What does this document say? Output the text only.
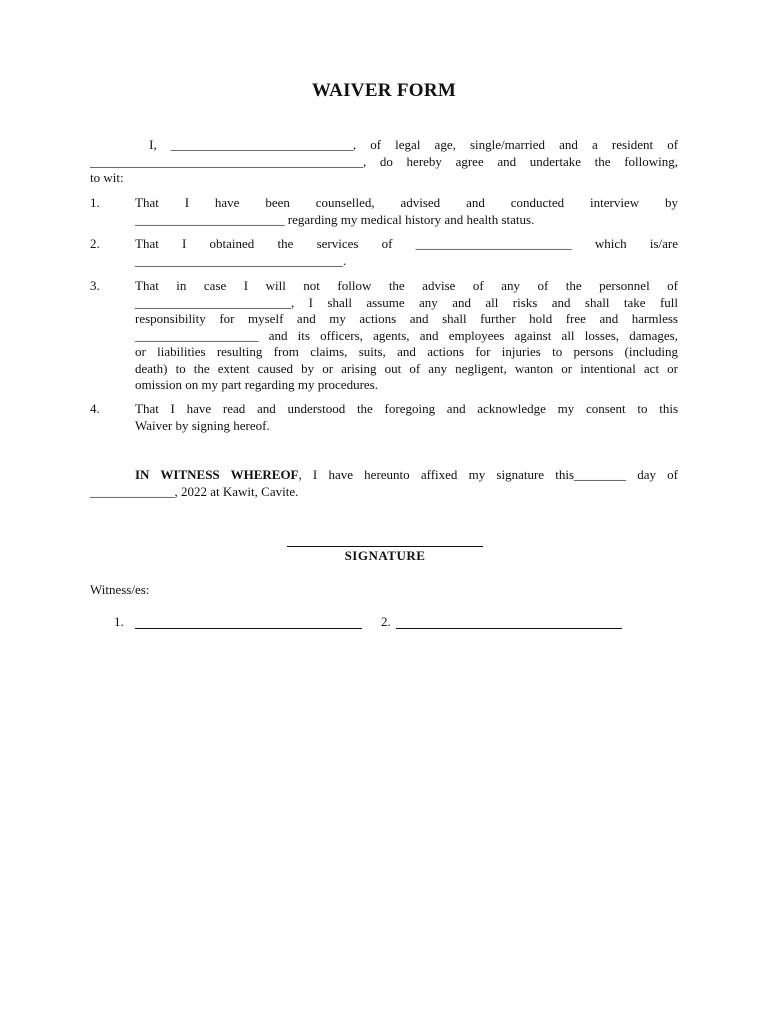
WAIVER FORM
I, ____________________________, of legal age, single/married and a resident of
__________________________________________, do hereby agree and undertake the following,
to wit:
1.	That I have been counselled, advised and conducted interview by
_______________________ regarding my medical history and health status.
2.	That I obtained the services of ________________________ which is/are
________________________________.
3.	That in case I will not follow the advise of any of the personnel of
________________________, I shall assume any and all risks and shall take full
responsibility for myself and my actions and shall further hold free and harmless
___________________ and its officers, agents, and employees against all losses, damages,
or liabilities resulting from claims, suits, and actions for injuries to persons (including
death) to the extent caused by or arising out of any negligent, wanton or intentional act or
omission on my part regarding my procedures.
4.	That I have read and understood the foregoing and acknowledge my consent to this
Waiver by signing hereof.
IN WITNESS WHEREOF, I have hereunto affixed my signature this________ day of
_____________, 2022 at Kawit, Cavite.
SIGNATURE
Witness/es:
1.	2.
